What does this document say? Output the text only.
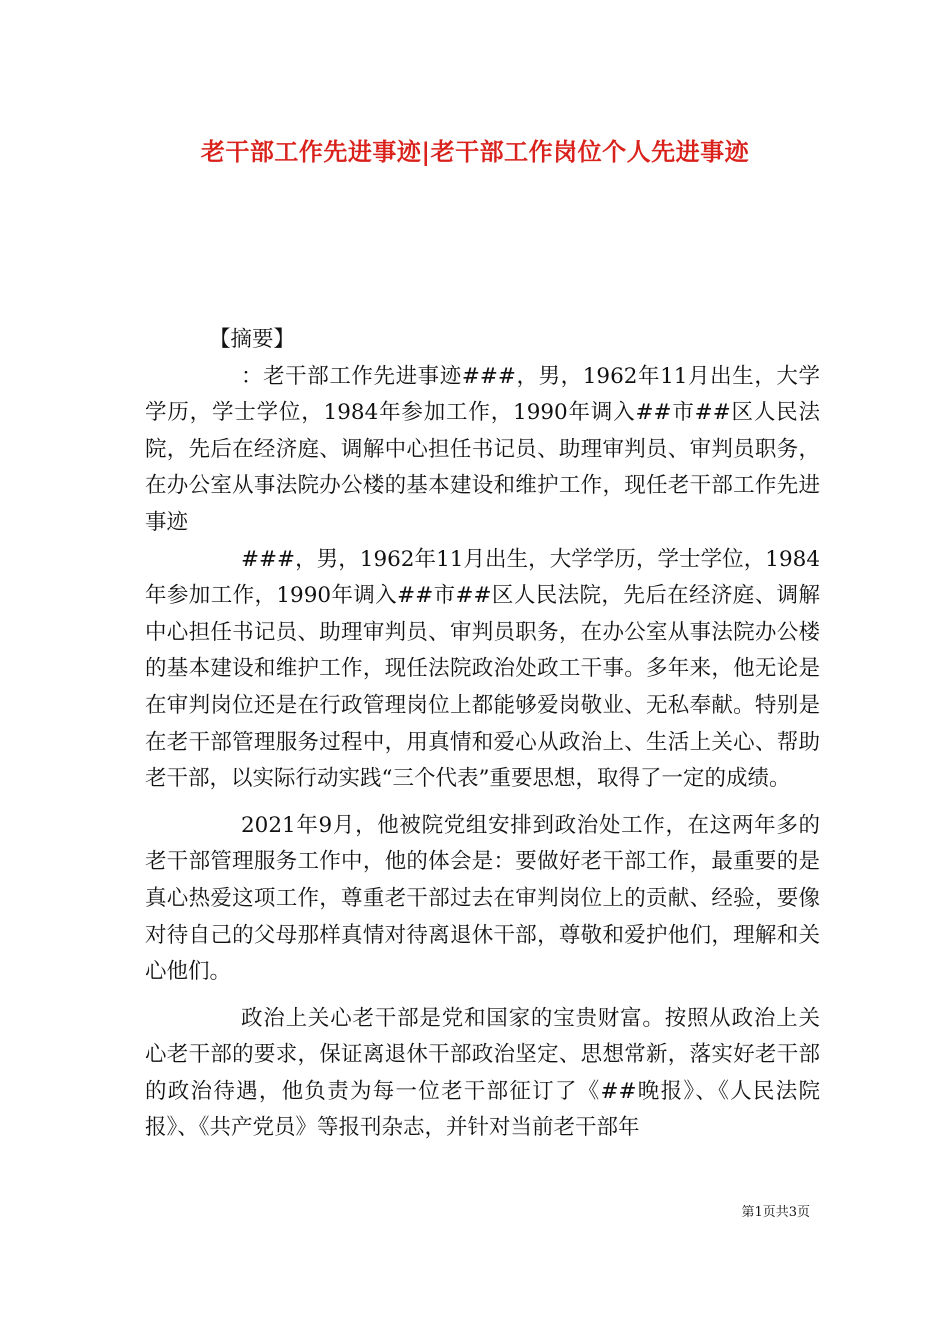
老干部工作先进事迹|老干部工作岗位个人先进事迹

【摘要】

：老干部工作先进事迹###，男，1962年11月出生，大学学历，学士学位，1984年参加工作，1990年调入##市##区人民法院，先后在经济庭、调解中心担任书记员、助理审判员、审判员职务，在办公室从事法院办公楼的基本建设和维护工作，现任老干部工作先进事迹

###，男，1962年11月出生，大学学历，学士学位，1984年参加工作，1990年调入##市##区人民法院，先后在经济庭、调解中心担任书记员、助理审判员、审判员职务，在办公室从事法院办公楼的基本建设和维护工作，现任法院政治处政工干事。多年来，他无论是在审判岗位还是在行政管理岗位上都能够爱岗敬业、无私奉献。特别是在老干部管理服务过程中，用真情和爱心从政治上、生活上关心、帮助老干部，以实际行动实践“三个代表”重要思想，取得了一定的成绩。

2021年9月，他被院党组安排到政治处工作，在这两年多的老干部管理服务工作中，他的体会是：要做好老干部工作，最重要的是真心热爱这项工作，尊重老干部过去在审判岗位上的贡献、经验，要像对待自己的父母那样真情对待离退休干部，尊敬和爱护他们，理解和关心他们。

政治上关心老干部是党和国家的宝贵财富。按照从政治上关心老干部的要求，保证离退休干部政治坚定、思想常新，落实好老干部的政治待遇，他负责为每一位老干部征订了《##晚报》、《人民法院报》、《共产党员》等报刊杂志，并针对当前老干部年

第1页共3页
